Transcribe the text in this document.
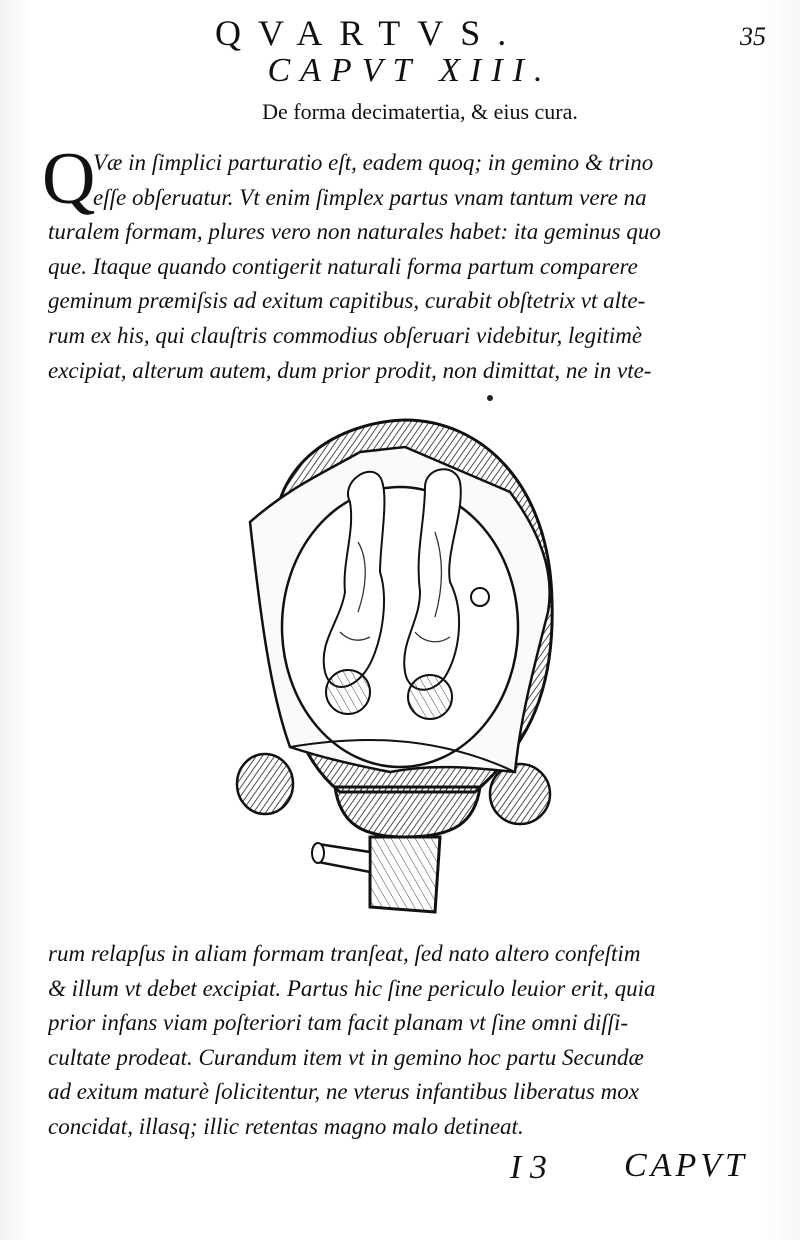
QVARTVS.	35
CAPVT XIII.
De forma decimatertia, & eius cura.
Q
Væ in ſimplici parturatio eſt, eadem quoq; in gemino & trino
eſſe obſeruatur. Vt enim ſimplex partus vnam tantum vere na
turalem formam, plures vero non naturales habet: ita geminus quo
que. Itaque quando contigerit naturali forma partum comparere
geminum præmiſsis ad exitum capitibus, curabit obſtetrix vt alte-
rum ex his, qui clauſtris commodius obſeruari videbitur, legitimè
excipiat, alterum autem, dum prior prodit, non dimittat, ne in vte-
rum relapſus in aliam formam tranſeat, ſed nato altero confeſtim
& illum vt debet excipiat. Partus hic ſine periculo leuior erit, quia
prior infans viam poſteriori tam facit planam vt ſine omni diſſi-
cultate prodeat. Curandum item vt in gemino hoc partu Secundæ
ad exitum maturè ſolicitentur, ne vterus infantibus liberatus mox
concidat, illasq; illic retentas magno malo detineat.
I 3 CAPVT
